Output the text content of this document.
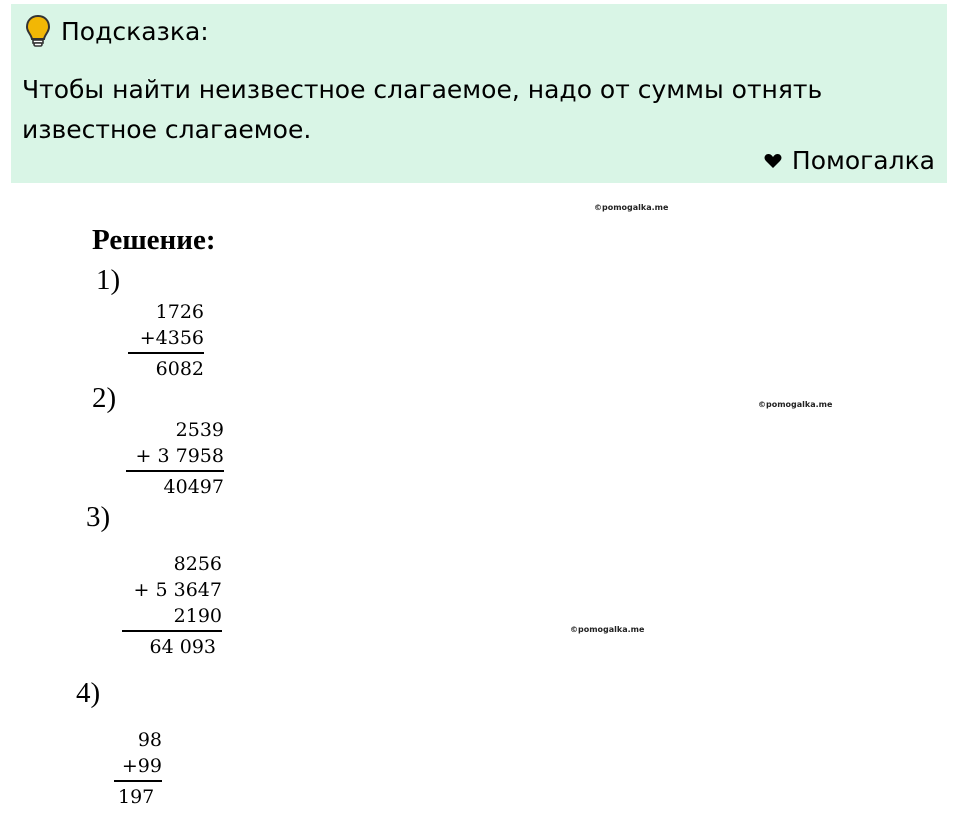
Подсказка:
Чтобы найти неизвестное слагаемое, надо от суммы отнять известное слагаемое.
Помогалка
©pomogalka.me
©pomogalka.me
©pomogalka.me
Решение:
1)
1726
+4356
6082
2)
2539
+ 3 7958
40497
3)
8256
+ 5 3647
2190
64 093
4)
98
+99
197
